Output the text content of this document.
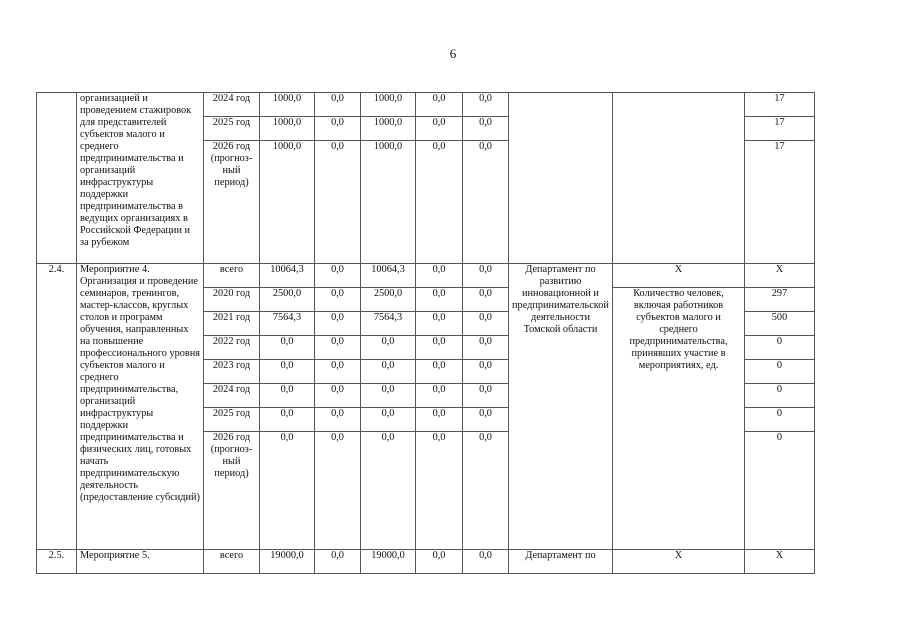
6
	организацией и проведением стажировок для представителей субъектов малого и среднего предпринимательства и организаций инфраструктуры поддержки предпринимательства в ведущих организациях в Российской Федерации и за рубежом	2024 год	1000,0	0,0	1000,0	0,0	0,0			17
		2025 год	1000,0	0,0	1000,0	0,0	0,0			17
		2026 год (прогноз-ный период)	1000,0	0,0	1000,0	0,0	0,0			17
2.4.	Мероприятие 4. Организация и проведение семинаров, тренингов, мастер-классов, круглых столов и программ обучения, направленных на повышение профессионального уровня субъектов малого и среднего предпринимательства, организаций инфраструктуры поддержки предпринимательства и физических лиц, готовых начать предпринимательскую деятельность (предоставление субсидий)	всего	10064,3	0,0	10064,3	0,0	0,0	Департамент по развитию инновационной и предпринимательской деятельности Томской области	Х	Х
		2020 год	2500,0	0,0	2500,0	0,0	0,0		Количество человек, включая работников субъектов малого и среднего предпринимательства, принявших участие в мероприятиях, ед.	297
		2021 год	7564,3	0,0	7564,3	0,0	0,0			500
		2022 год	0,0	0,0	0,0	0,0	0,0			0
		2023 год	0,0	0,0	0,0	0,0	0,0			0
		2024 год	0,0	0,0	0,0	0,0	0,0			0
		2025 год	0,0	0,0	0,0	0,0	0,0			0
		2026 год (прогноз-ный период)	0,0	0,0	0,0	0,0	0,0			0
2.5.	Мероприятие 5.	всего	19000,0	0,0	19000,0	0,0	0,0	Департамент по	Х	Х
